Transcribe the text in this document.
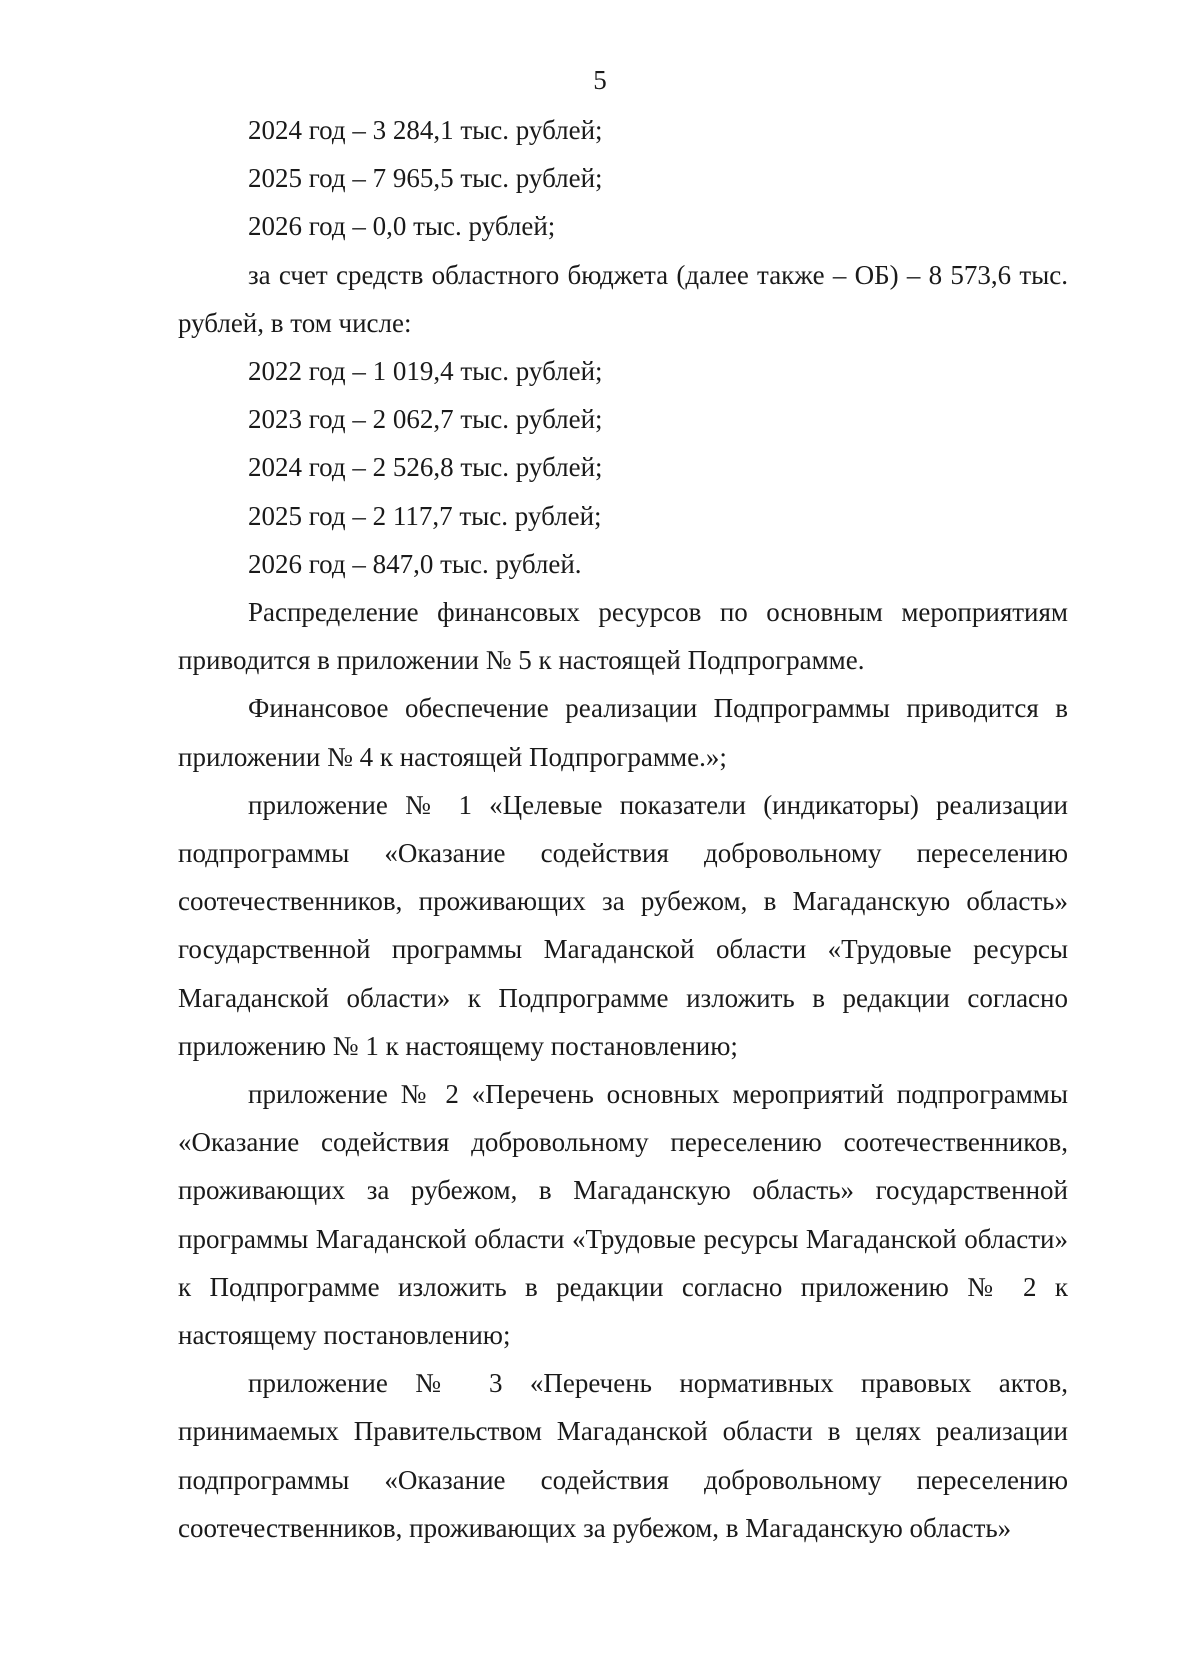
5
2024 год – 3 284,1 тыс. рублей;
2025 год – 7 965,5 тыс. рублей;
2026 год – 0,0 тыс. рублей;

за счет средств областного бюджета (далее также – ОБ) – 8 573,6 тыс. рублей, в том числе:

2022 год – 1 019,4 тыс. рублей;
2023 год – 2 062,7 тыс. рублей;
2024 год – 2 526,8 тыс. рублей;
2025 год – 2 117,7 тыс. рублей;
2026 год – 847,0 тыс. рублей.

Распределение финансовых ресурсов по основным мероприятиям приводится в приложении № 5 к настоящей Подпрограмме.

Финансовое обеспечение реализации Подпрограммы приводится в приложении № 4 к настоящей Подпрограмме.»;

приложение № 1 «Целевые показатели (индикаторы) реализации подпрограммы «Оказание содействия добровольному переселению соотечественников, проживающих за рубежом, в Магаданскую область» государственной программы Магаданской области «Трудовые ресурсы Магаданской области» к Подпрограмме изложить в редакции согласно приложению № 1 к настоящему постановлению;

приложение № 2 «Перечень основных мероприятий подпрограммы «Оказание содействия добровольному переселению соотечественников, проживающих за рубежом, в Магаданскую область» государственной программы Магаданской области «Трудовые ресурсы Магаданской области» к Подпрограмме изложить в редакции согласно приложению № 2 к настоящему постановлению;

приложение № 3 «Перечень нормативных правовых актов, принимаемых Правительством Магаданской области в целях реализации подпрограммы «Оказание содействия добровольному переселению соотечественников, проживающих за рубежом, в Магаданскую область»
